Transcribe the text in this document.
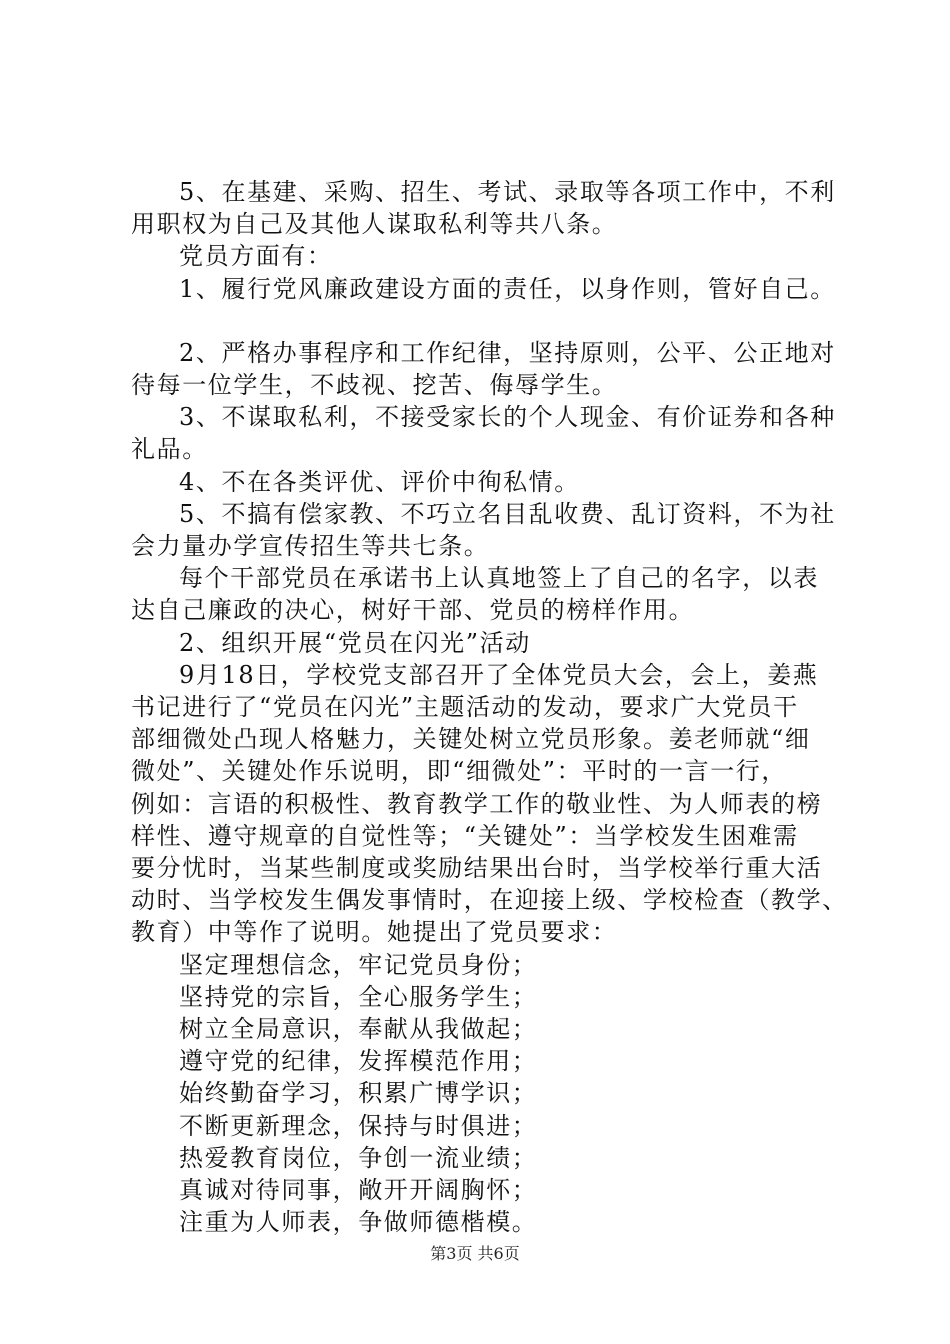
5、在基建、采购、招生、考试、录取等各项工作中，不利

用职权为自己及其他人谋取私利等共八条。

党员方面有：

1、履行党风廉政建设方面的责任，以身作则，管好自己。

2、严格办事程序和工作纪律，坚持原则，公平、公正地对

待每一位学生，不歧视、挖苦、侮辱学生。

3、不谋取私利，不接受家长的个人现金、有价证券和各种

礼品。

4、不在各类评优、评价中徇私情。

5、不搞有偿家教、不巧立名目乱收费、乱订资料，不为社

会力量办学宣传招生等共七条。

每个干部党员在承诺书上认真地签上了自己的名字，以表

达自己廉政的决心，树好干部、党员的榜样作用。

2、组织开展“党员在闪光”活动

9月18日，学校党支部召开了全体党员大会，会上，姜燕

书记进行了“党员在闪光”主题活动的发动，要求广大党员干

部细微处凸现人格魅力，关键处树立党员形象。姜老师就“细

微处”、关键处作乐说明，即“细微处”：平时的一言一行，

例如：言语的积极性、教育教学工作的敬业性、为人师表的榜

样性、遵守规章的自觉性等；“关键处”：当学校发生困难需

要分忧时，当某些制度或奖励结果出台时，当学校举行重大活

动时、当学校发生偶发事情时，在迎接上级、学校检查（教学、

教育）中等作了说明。她提出了党员要求：

坚定理想信念，牢记党员身份；

坚持党的宗旨，全心服务学生；

树立全局意识，奉献从我做起；

遵守党的纪律，发挥模范作用；

始终勤奋学习，积累广博学识；

不断更新理念，保持与时俱进；

热爱教育岗位，争创一流业绩；

真诚对待同事，敞开开阔胸怀；

注重为人师表，争做师德楷模。

第3页 共6页
